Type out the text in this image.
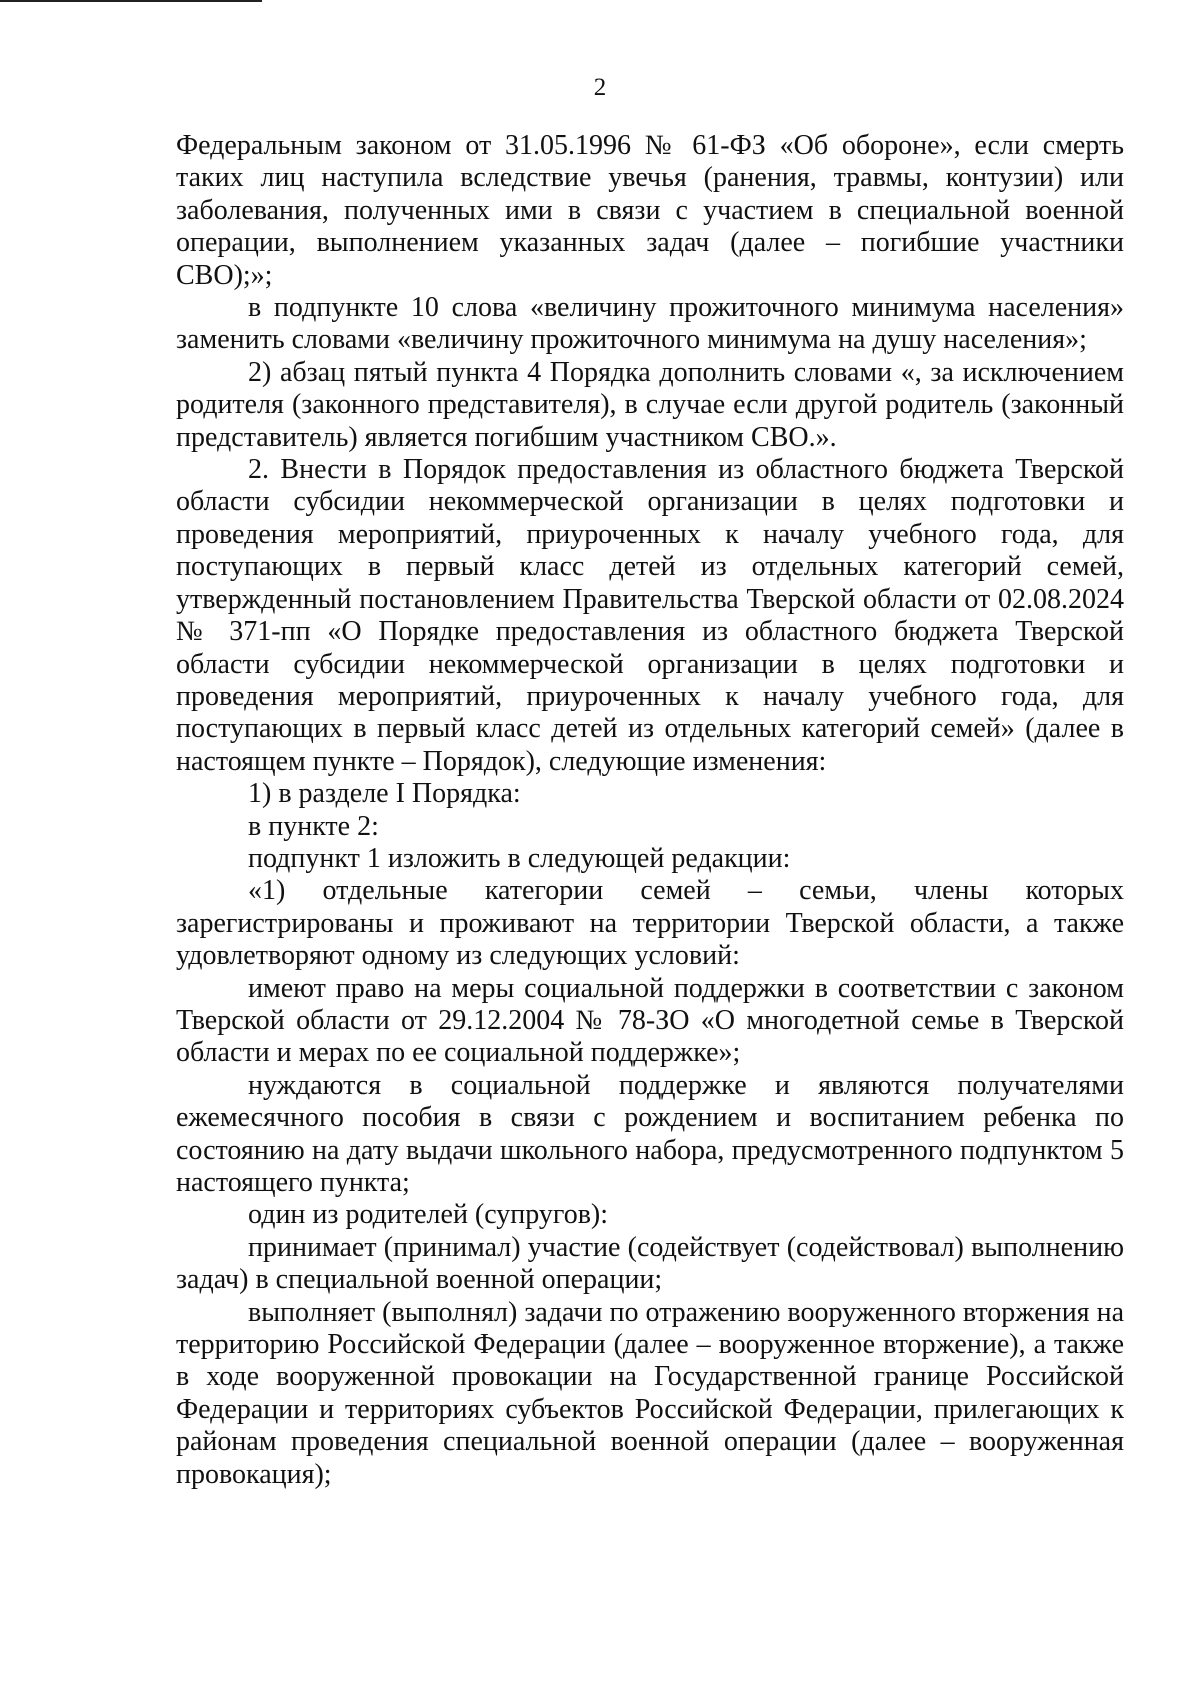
2

Федеральным законом от 31.05.1996 № 61-ФЗ «Об обороне», если смерть таких лиц наступила вследствие увечья (ранения, травмы, контузии) или заболевания, полученных ими в связи с участием в специальной военной операции, выполнением указанных задач (далее – погибшие участники СВО);»;

в подпункте 10 слова «величину прожиточного минимума населения» заменить словами «величину прожиточного минимума на душу населения»;

2) абзац пятый пункта 4 Порядка дополнить словами «, за исключением родителя (законного представителя), в случае если другой родитель (законный представитель) является погибшим участником СВО.».

2. Внести в Порядок предоставления из областного бюджета Тверской области субсидии некоммерческой организации в целях подготовки и проведения мероприятий, приуроченных к началу учебного года, для поступающих в первый класс детей из отдельных категорий семей, утвержденный постановлением Правительства Тверской области от 02.08.2024 № 371-пп «О Порядке предоставления из областного бюджета Тверской области субсидии некоммерческой организации в целях подготовки и проведения мероприятий, приуроченных к началу учебного года, для поступающих в первый класс детей из отдельных категорий семей» (далее в настоящем пункте – Порядок), следующие изменения:

1) в разделе I Порядка:

в пункте 2:

подпункт 1 изложить в следующей редакции:

«1) отдельные категории семей – семьи, члены которых зарегистрированы и проживают на территории Тверской области, а также удовлетворяют одному из следующих условий:

имеют право на меры социальной поддержки в соответствии с законом Тверской области от 29.12.2004 № 78-ЗО «О многодетной семье в Тверской области и мерах по ее социальной поддержке»;

нуждаются в социальной поддержке и являются получателями ежемесячного пособия в связи с рождением и воспитанием ребенка по состоянию на дату выдачи школьного набора, предусмотренного подпунктом 5 настоящего пункта;

один из родителей (супругов):

принимает (принимал) участие (содействует (содействовал) выполнению задач) в специальной военной операции;

выполняет (выполнял) задачи по отражению вооруженного вторжения на территорию Российской Федерации (далее – вооруженное вторжение), а также в ходе вооруженной провокации на Государственной границе Российской Федерации и территориях субъектов Российской Федерации, прилегающих к районам проведения специальной военной операции (далее – вооруженная провокация);
